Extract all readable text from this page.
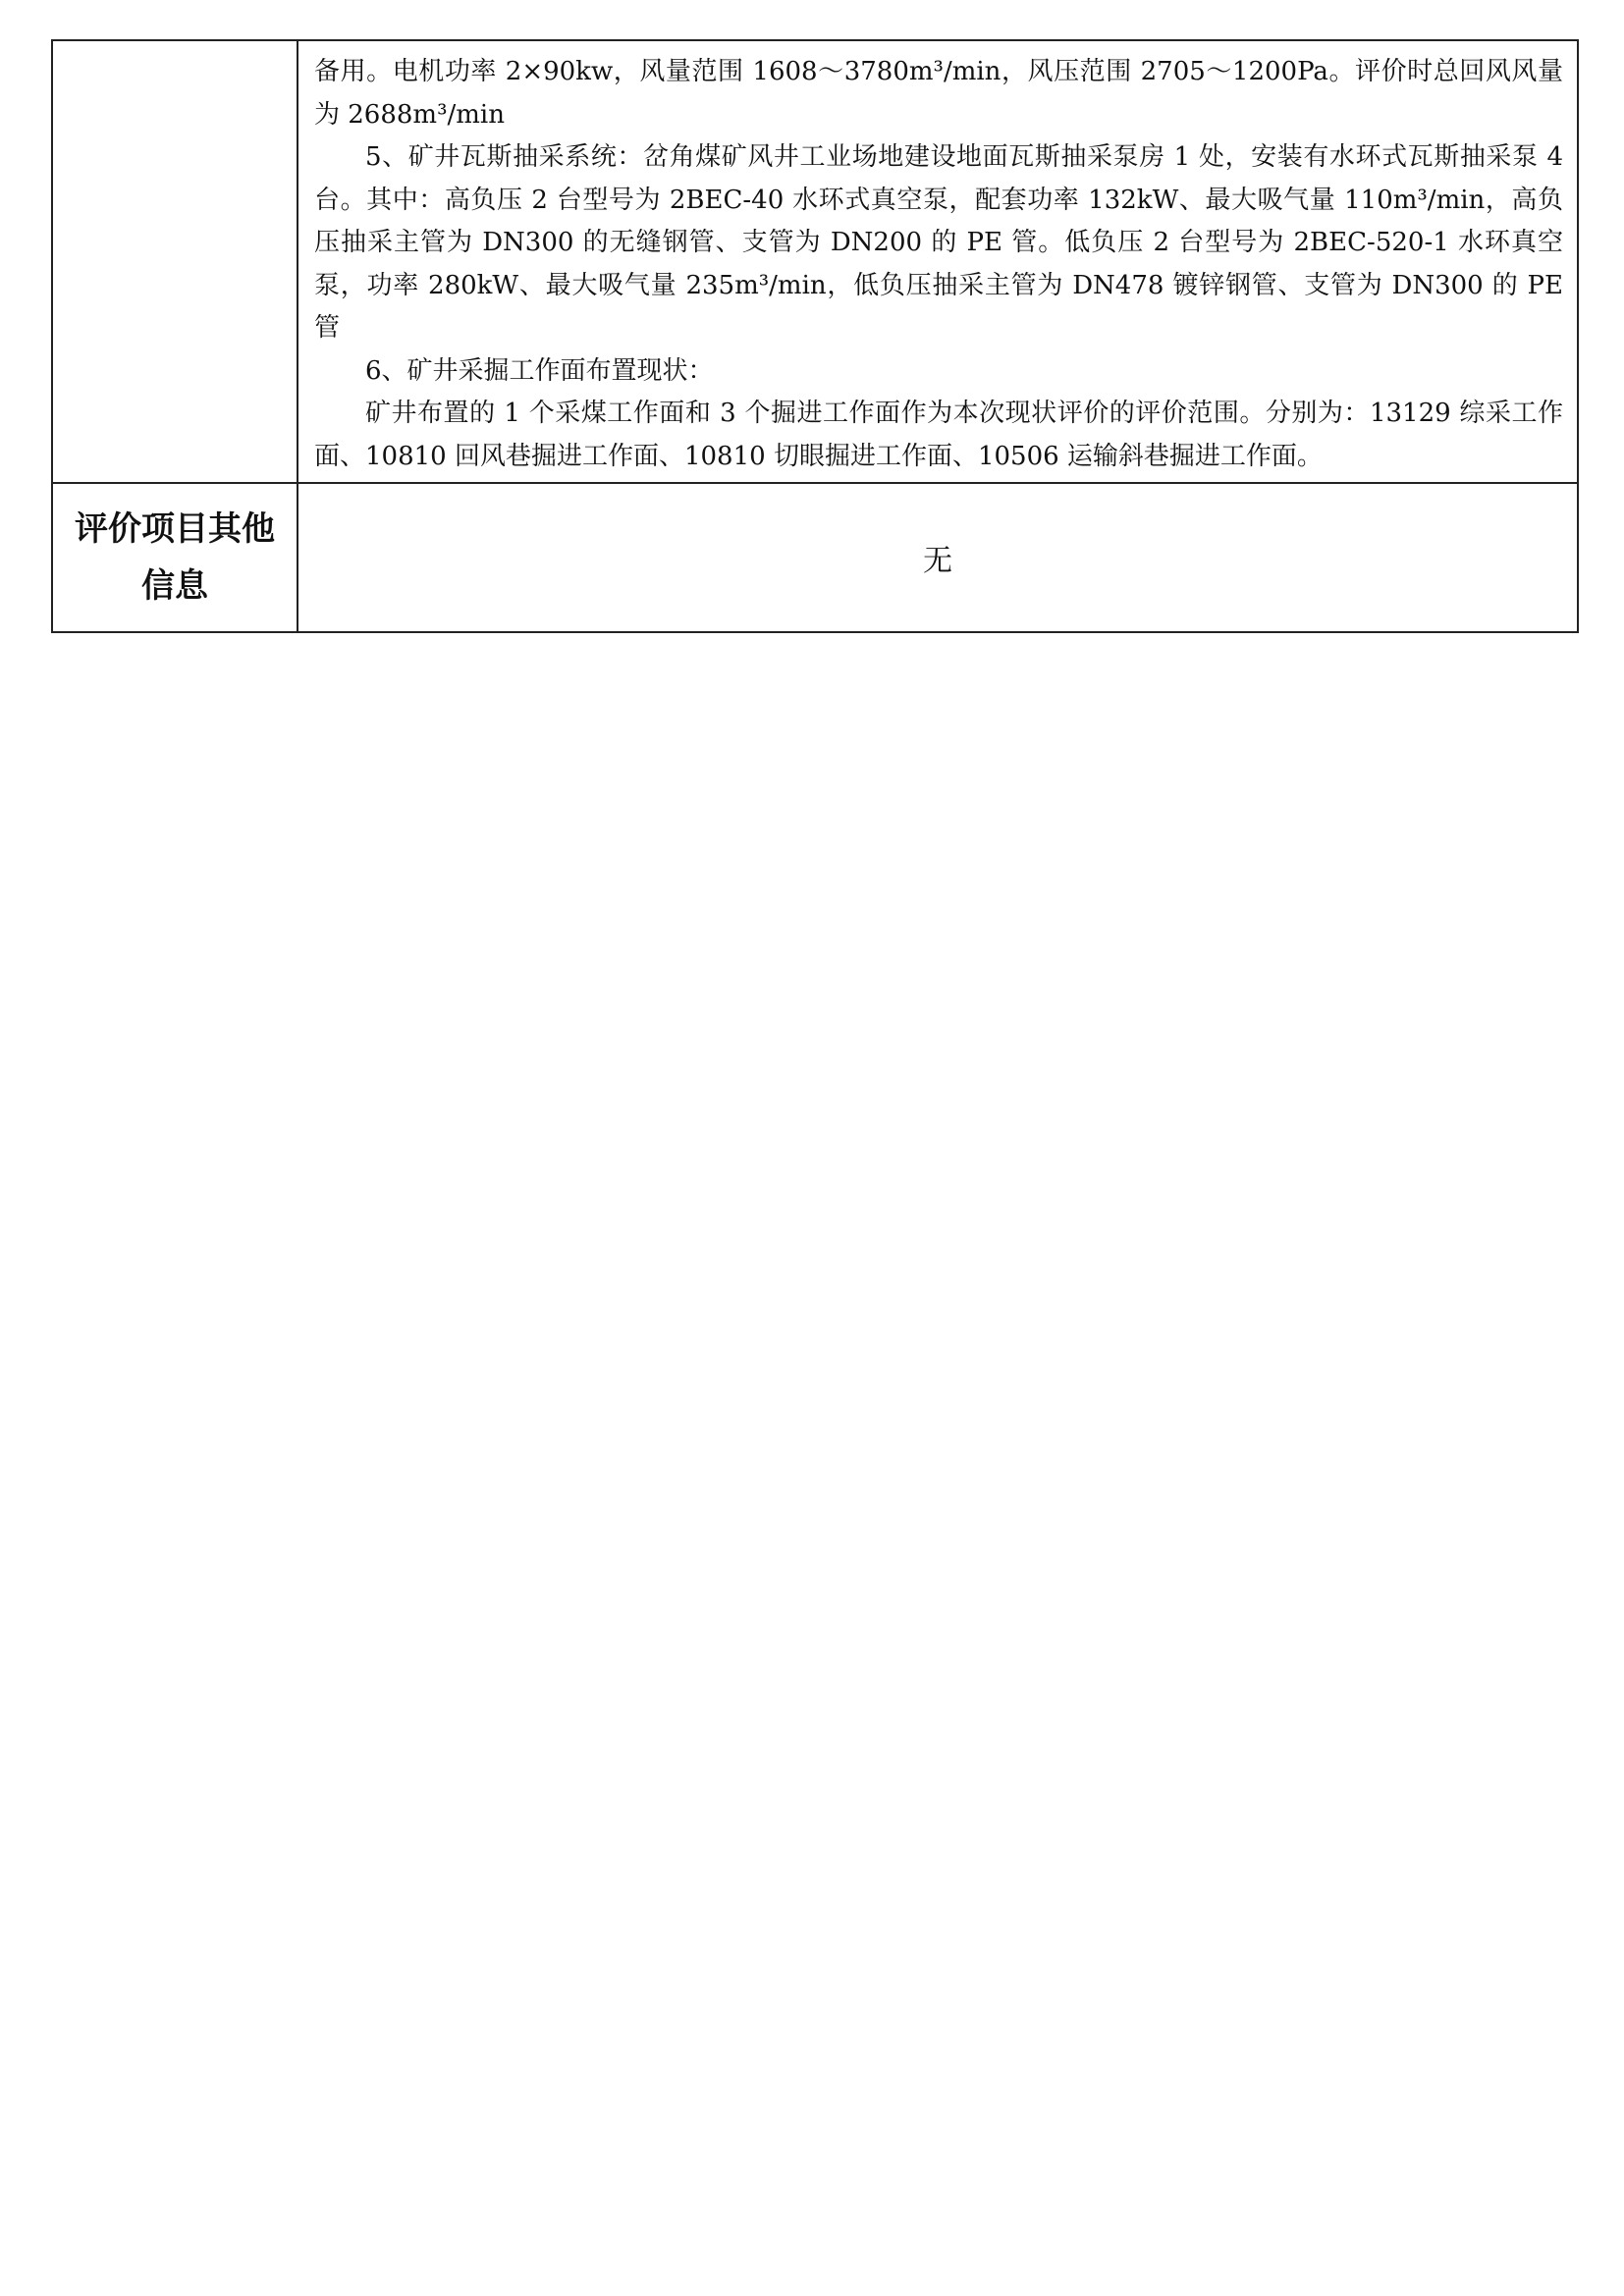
	备用。电机功率 2×90kw，风量范围 1608～3780m³/min，风压范围 2705～1200Pa。评价时总回风风量为 2688m³/min

5、矿井瓦斯抽采系统：岔角煤矿风井工业场地建设地面瓦斯抽采泵房 1 处，安装有水环式瓦斯抽采泵 4 台。其中：高负压 2 台型号为 2BEC-40 水环式真空泵，配套功率 132kW、最大吸气量 110m³/min，高负压抽采主管为 DN300 的无缝钢管、支管为 DN200 的 PE 管。低负压 2 台型号为 2BEC-520-1 水环真空泵，功率 280kW、最大吸气量 235m³/min，低负压抽采主管为 DN478 镀锌钢管、支管为 DN300 的 PE 管

6、矿井采掘工作面布置现状：

矿井布置的 1 个采煤工作面和 3 个掘进工作面作为本次现状评价的评价范围。分别为：13129 综采工作面、10810 回风巷掘进工作面、10810 切眼掘进工作面、10506 运输斜巷掘进工作面。

评价项目其他信息	无
